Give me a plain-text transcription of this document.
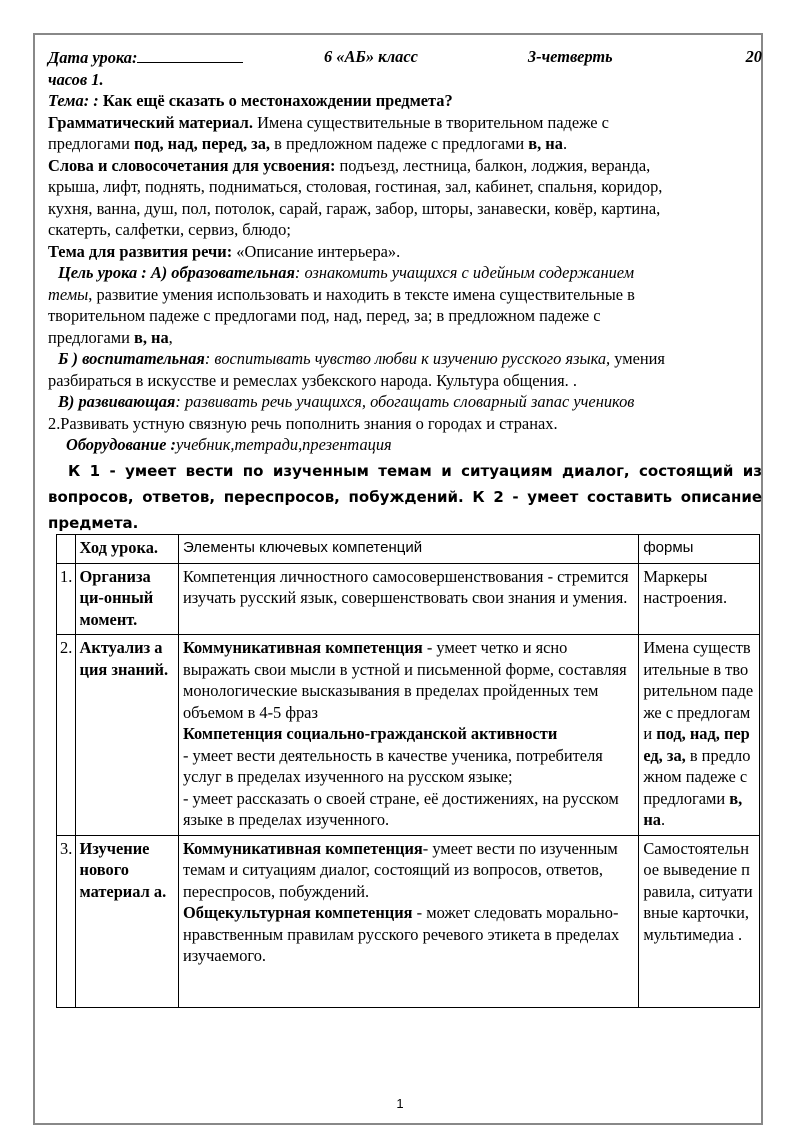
Дата урока:	6 «АБ» класс	3-четверть	20
часов 1.
Тема: : Как ещё сказать о местонахождении предмета?
Грамматический материал. Имена существительные в творительном падеже с
предлогами под, над, перед, за, в предложном падеже с предлогами в, на.
Слова и словосочетания для усвоения: подъезд, лестница, балкон, лоджия, веранда,
крыша, лифт, поднять, подниматься, столовая, гостиная, зал, кабинет, спальня, коридор,
кухня, ванна, душ, пол, потолок, сарай, гараж, забор, шторы, занавески, ковёр, картина,
скатерть, салфетки, сервиз, блюдо;
Тема для развития речи: «Описание интерьера».
Цель урока : А) образовательная: ознакомить учащихся с идейным содержанием
темы, развитие умения использовать и находить в тексте имена существительные в
творительном падеже с предлогами под, над, перед, за; в предложном падеже с
предлогами в, на,
Б ) воспитательная: воспитывать чувство любви к изучению русского языка, умения
разбираться в искусстве и ремеслах узбекского народа. Культура общения. .
В) развивающая: развивать речь учащихся, обогащать словарный запас учеников
2.Развивать устную связную речь пополнить знания о городах и странах.
Оборудование :учебник,тетради,презентация
К 1 - умеет вести по изученным темам и ситуациям диалог, состоящий из
вопросов, ответов, переспросов, побуждений. К 2 - умеет составить описание
предмета.
	Ход урока.	Элементы ключевых компетенций	формы
1.	Организа ци-онный момент.	Компетенция личностного самосовершенствования - стремится изучать русский язык, совершенствовать свои знания и умения.	Маркеры настроения.
2.	Актуализ а ция знаний.	Коммуникативная компетенция - умеет четко и ясно выражать свои мысли в устной и письменной форме, составляя монологические высказывания в пределах пройденных тем объемом в 4-5 фраз
Компетенция социально-гражданской активности
- умеет вести деятельность в качестве ученика, потребителя услуг в пределах изученного на русском языке;
- умеет рассказать о своей стране, её достижениях, на русском языке в пределах изученного.	Имена существительные в творительном падеже с предлогами под, над, перед, за, в предложном падеже с предлогами в, на.
3.	Изучение нового материал а.	Коммуникативная компетенция- умеет вести по изученным темам и ситуациям диалог, состоящий из вопросов, ответов, переспросов, побуждений.
Общекультурная компетенция - может следовать морально-нравственным правилам русского речевого этикета в пределах изучаемого.	Самостоятельное выведение правила, ситуативные карточки, мультимедиа .
1
